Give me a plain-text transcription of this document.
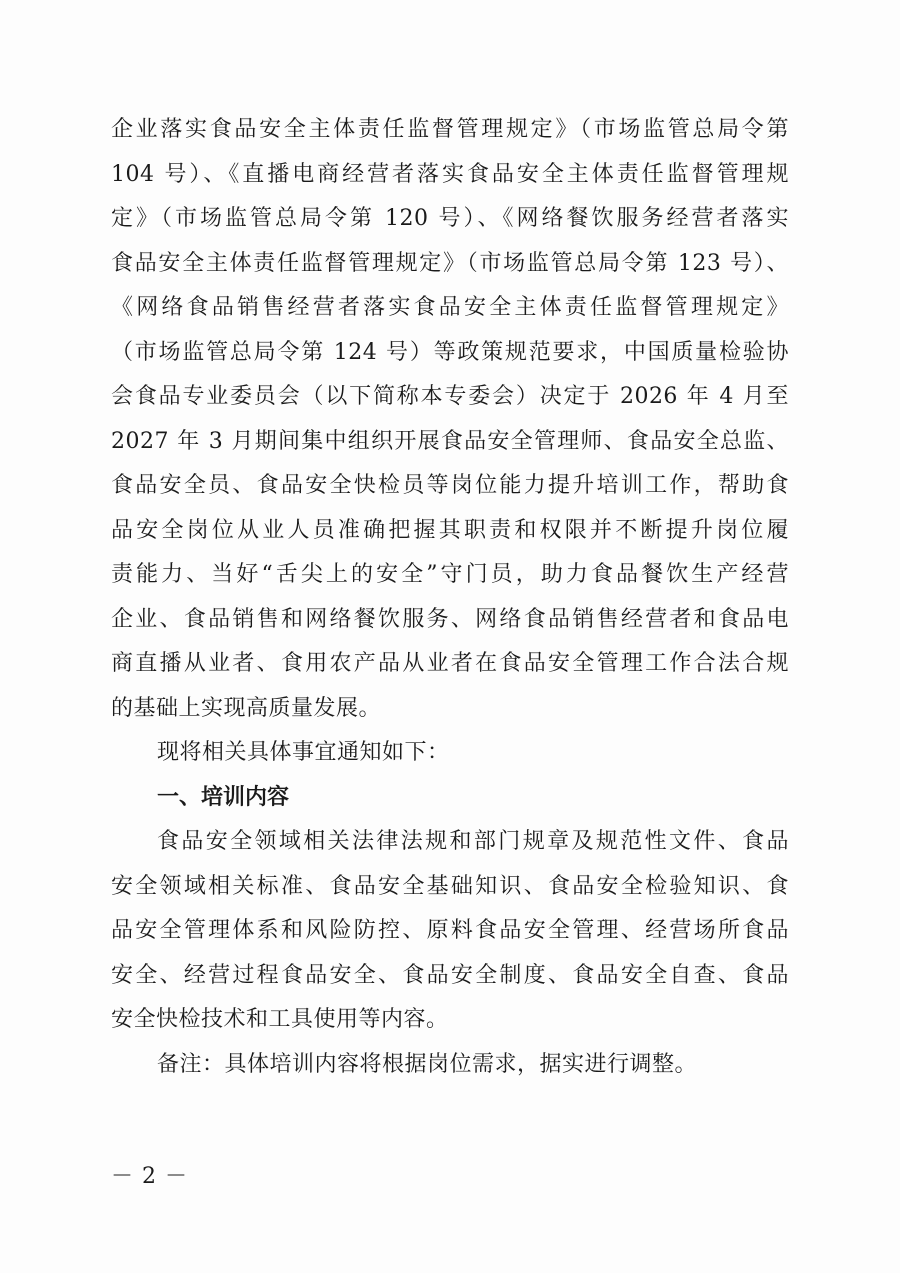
企业落实食品安全主体责任监督管理规定》（市场监管总局令第
104 号）、《直播电商经营者落实食品安全主体责任监督管理规
定》（市场监管总局令第 120 号）、《网络餐饮服务经营者落实
食品安全主体责任监督管理规定》（市场监管总局令第 123 号）、
《网络食品销售经营者落实食品安全主体责任监督管理规定》
（市场监管总局令第 124 号）等政策规范要求，中国质量检验协
会食品专业委员会（以下简称本专委会）决定于 2026 年 4 月至
2027 年 3 月期间集中组织开展食品安全管理师、食品安全总监、
食品安全员、食品安全快检员等岗位能力提升培训工作，帮助食
品安全岗位从业人员准确把握其职责和权限并不断提升岗位履
责能力、当好“舌尖上的安全”守门员，助力食品餐饮生产经营
企业、食品销售和网络餐饮服务、网络食品销售经营者和食品电
商直播从业者、食用农产品从业者在食品安全管理工作合法合规
的基础上实现高质量发展。
现将相关具体事宜通知如下：
一、培训内容
食品安全领域相关法律法规和部门规章及规范性文件、食品
安全领域相关标准、食品安全基础知识、食品安全检验知识、食
品安全管理体系和风险防控、原料食品安全管理、经营场所食品
安全、经营过程食品安全、食品安全制度、食品安全自查、食品
安全快检技术和工具使用等内容。
备注：具体培训内容将根据岗位需求，据实进行调整。
－ 2 －
